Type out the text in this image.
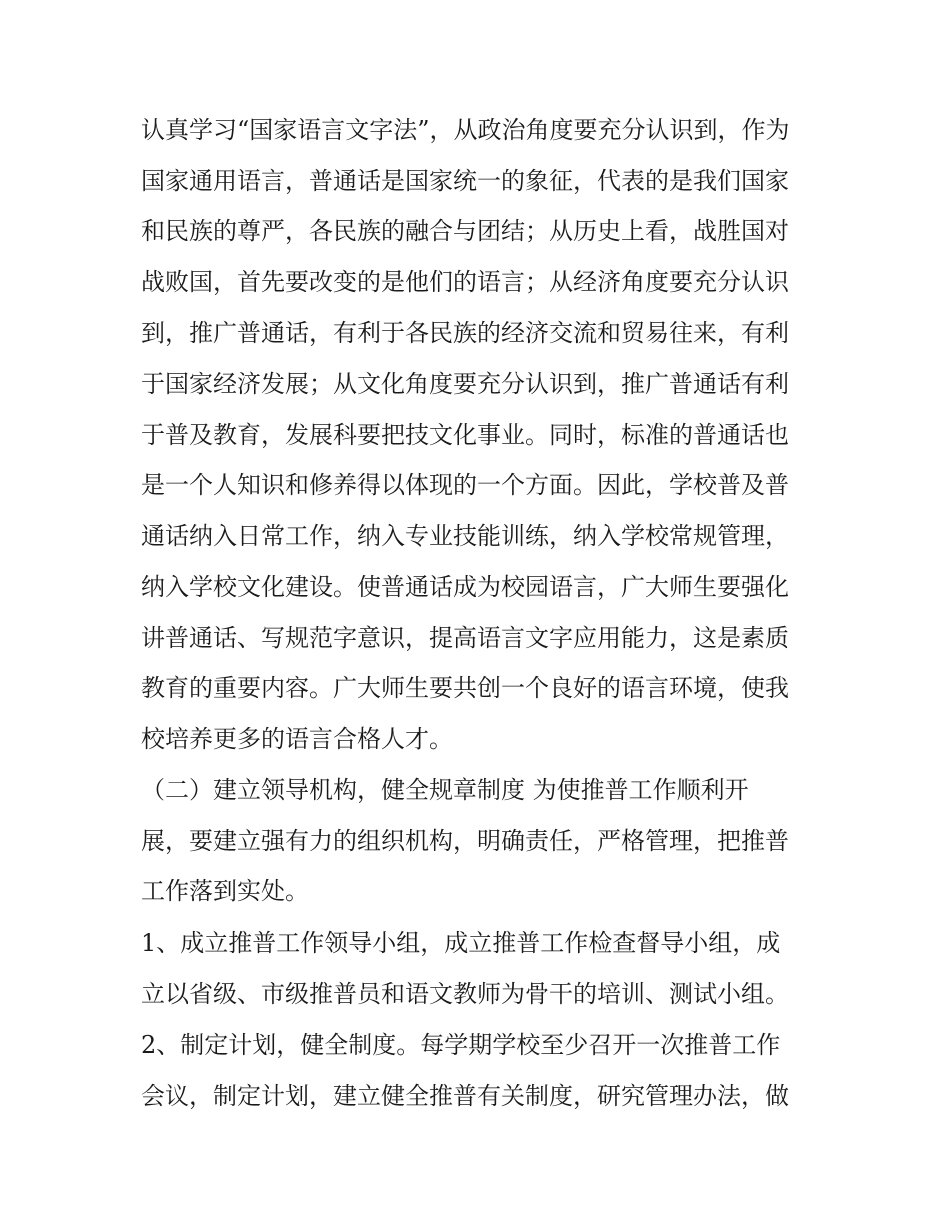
认真学习“国家语言文字法”，从政治角度要充分认识到，作为
国家通用语言，普通话是国家统一的象征，代表的是我们国家
和民族的尊严，各民族的融合与团结；从历史上看，战胜国对
战败国，首先要改变的是他们的语言；从经济角度要充分认识
到，推广普通话，有利于各民族的经济交流和贸易往来，有利
于国家经济发展；从文化角度要充分认识到，推广普通话有利
于普及教育，发展科要把技文化事业。同时，标准的普通话也
是一个人知识和修养得以体现的一个方面。因此，学校普及普
通话纳入日常工作，纳入专业技能训练，纳入学校常规管理，
纳入学校文化建设。使普通话成为校园语言，广大师生要强化
讲普通话、写规范字意识，提高语言文字应用能力，这是素质
教育的重要内容。广大师生要共创一个良好的语言环境，使我
校培养更多的语言合格人才。
（二）建立领导机构，健全规章制度 为使推普工作顺利开
展，要建立强有力的组织机构，明确责任，严格管理，把推普
工作落到实处。
1、成立推普工作领导小组，成立推普工作检查督导小组，成
立以省级、市级推普员和语文教师为骨干的培训、测试小组。
2、制定计划，健全制度。每学期学校至少召开一次推普工作
会议，制定计划，建立健全推普有关制度，研究管理办法，做
